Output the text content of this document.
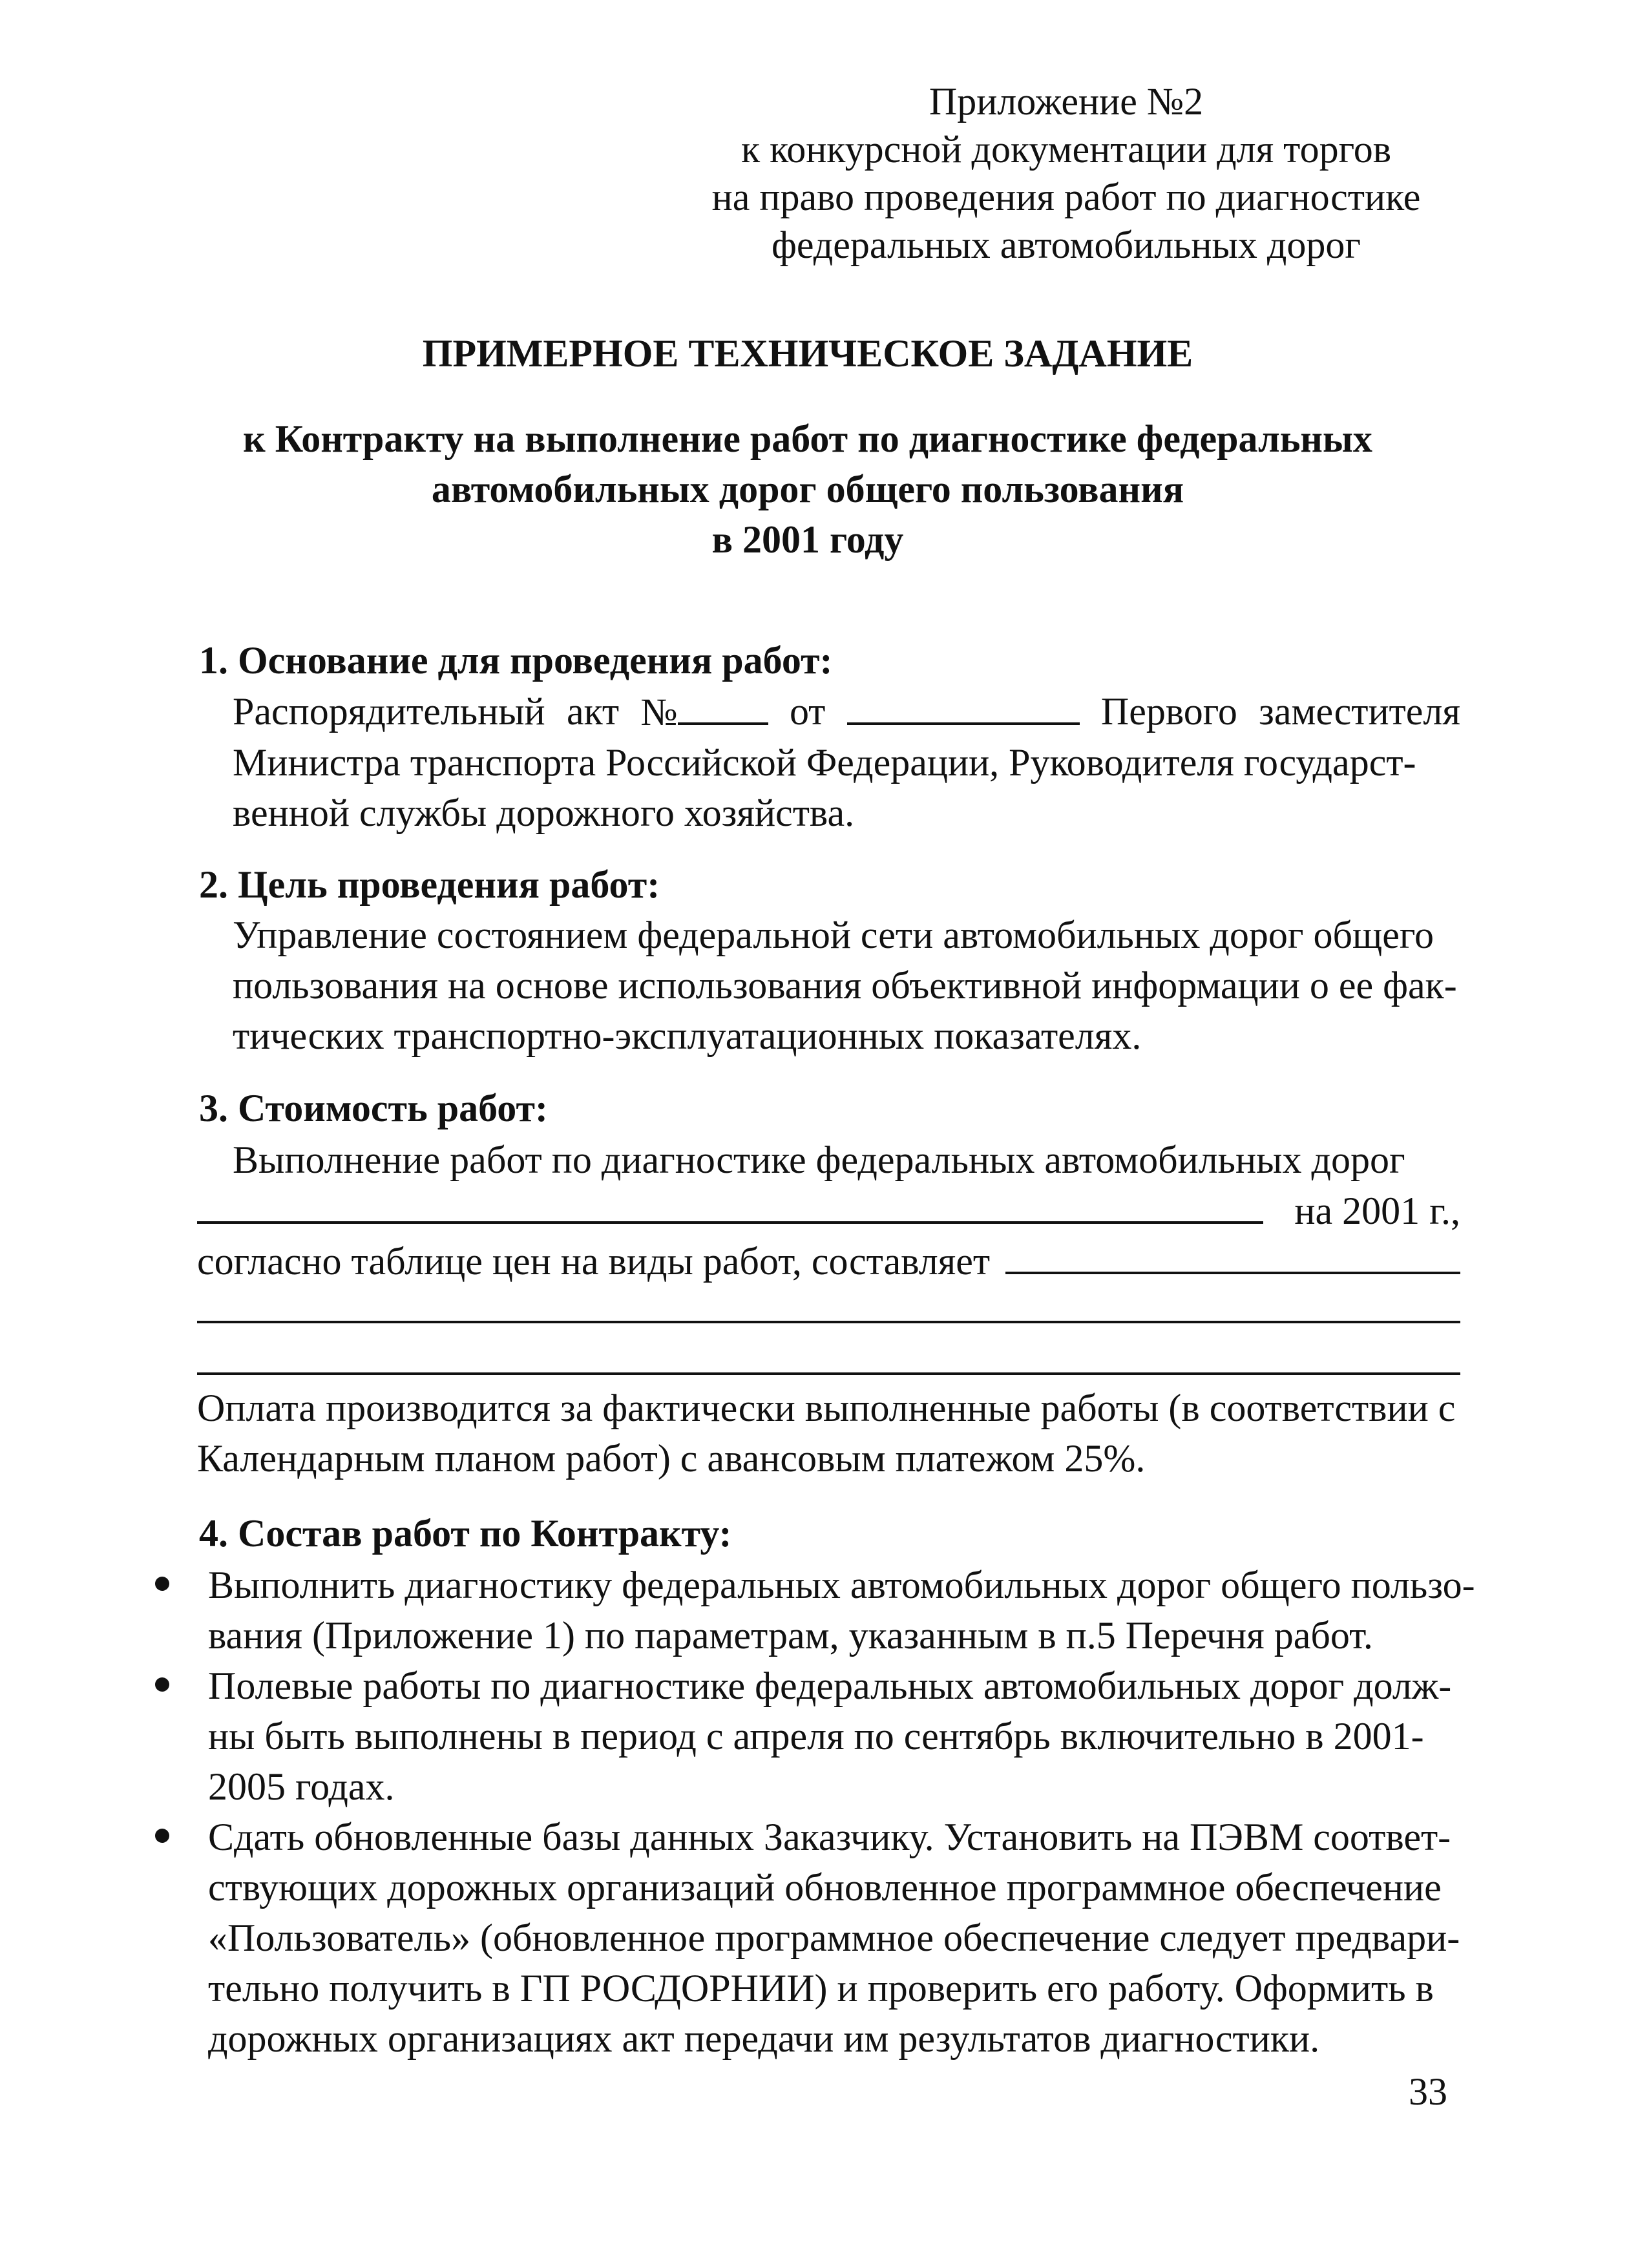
Приложение №2
к конкурсной документации для торгов
на право проведения работ по диагностике
федеральных автомобильных дорог
ПРИМЕРНОЕ ТЕХНИЧЕСКОЕ ЗАДАНИЕ
к Контракту на выполнение работ по диагностике федеральных
автомобильных дорог общего пользования
в 2001 году
1. Основание для проведения работ:
Распорядительный акт №	от	Первого заместителя
Министра транспорта Российской Федерации, Руководителя государст-
венной службы дорожного хозяйства.
2. Цель проведения работ:
Управление состоянием федеральной сети автомобильных дорог общего
пользования на основе использования объективной информации о ее фак-
тических транспортно-эксплуатационных показателях.
3. Стоимость работ:
Выполнение работ по диагностике федеральных автомобильных дорог
на 2001 г.,
согласно таблице цен на виды работ, составляет
Оплата производится за фактически выполненные работы (в соответствии с
Календарным планом работ) с авансовым платежом 25%.
4. Состав работ по Контракту:
Выполнить диагностику федеральных автомобильных дорог общего пользо-
вания (Приложение 1) по параметрам, указанным в п.5 Перечня работ.
Полевые работы по диагностике федеральных автомобильных дорог долж-
ны быть выполнены в период с апреля по сентябрь включительно в 2001-
2005 годах.
Сдать обновленные базы данных Заказчику. Установить на ПЭВМ соответ-
ствующих дорожных организаций обновленное программное обеспечение
«Пользователь» (обновленное программное обеспечение следует предвари-
тельно получить в ГП РОСДОРНИИ) и проверить его работу. Оформить в
дорожных организациях акт передачи им результатов диагностики.
33
